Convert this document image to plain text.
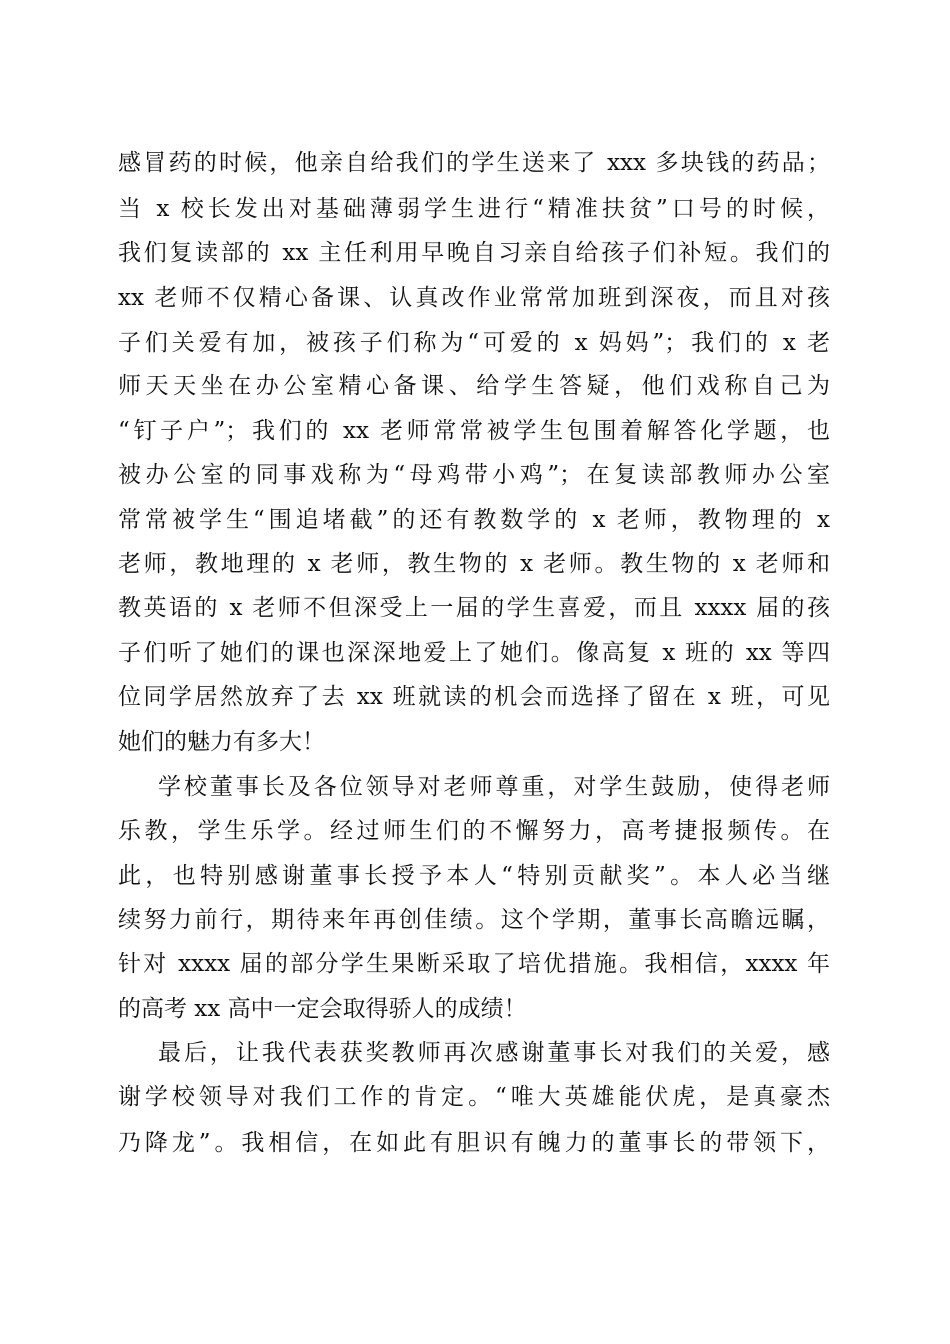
感冒药的时候，他亲自给我们的学生送来了 xxx 多块钱的药品；
当 x 校长发出对基础薄弱学生进行“精准扶贫”口号的时候，
我们复读部的 xx 主任利用早晚自习亲自给孩子们补短。我们的
xx 老师不仅精心备课、认真改作业常常加班到深夜，而且对孩
子们关爱有加，被孩子们称为“可爱的 x 妈妈”；我们的 x 老
师天天坐在办公室精心备课、给学生答疑，他们戏称自己为
“钉子户”；我们的 xx 老师常常被学生包围着解答化学题，也
被办公室的同事戏称为“母鸡带小鸡”；在复读部教师办公室
常常被学生“围追堵截”的还有教数学的 x 老师，教物理的 x
老师，教地理的 x 老师，教生物的 x 老师。教生物的 x 老师和
教英语的 x 老师不但深受上一届的学生喜爱，而且 xxxx 届的孩
子们听了她们的课也深深地爱上了她们。像高复 x 班的 xx 等四
位同学居然放弃了去 xx 班就读的机会而选择了留在 x 班，可见
她们的魅力有多大！
学校董事长及各位领导对老师尊重，对学生鼓励，使得老师
乐教，学生乐学。经过师生们的不懈努力，高考捷报频传。在
此，也特别感谢董事长授予本人“特别贡献奖”。本人必当继
续努力前行，期待来年再创佳绩。这个学期，董事长高瞻远瞩，
针对 xxxx 届的部分学生果断采取了培优措施。我相信，xxxx 年
的高考 xx 高中一定会取得骄人的成绩！
最后，让我代表获奖教师再次感谢董事长对我们的关爱，感
谢学校领导对我们工作的肯定。“唯大英雄能伏虎，是真豪杰
乃降龙”。我相信，在如此有胆识有魄力的董事长的带领下，
